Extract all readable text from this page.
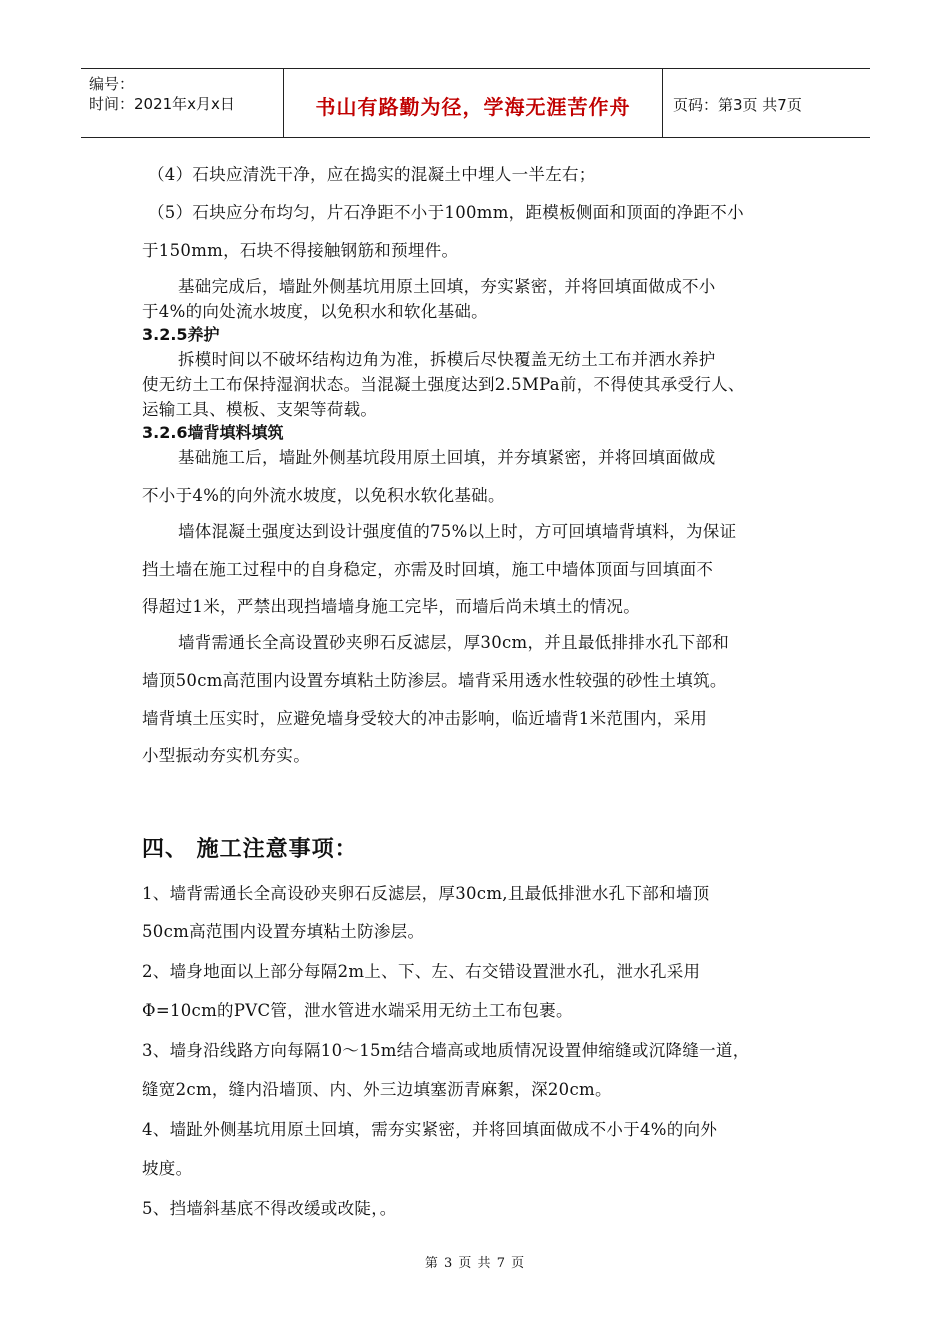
编号：
时间：2021年x月x日	书山有路勤为径，学海无涯苦作舟	页码：第3页 共7页
（4）石块应清洗干净，应在捣实的混凝土中埋人一半左右；
（5）石块应分布均匀，片石净距不小于100mm，距模板侧面和顶面的净距不小
于150mm，石块不得接触钢筋和预埋件。
基础完成后，墙趾外侧基坑用原土回填，夯实紧密，并将回填面做成不小
于4%的向处流水坡度，以免积水和软化基础。
3.2.5养护
拆模时间以不破坏结构边角为准，拆模后尽快覆盖无纺土工布并洒水养护
使无纺土工布保持湿润状态。当混凝土强度达到2.5MPa前，不得使其承受行人、
运输工具、模板、支架等荷载。
3.2.6墙背填料填筑
基础施工后，墙趾外侧基坑段用原土回填，并夯填紧密，并将回填面做成
不小于4%的向外流水坡度，以免积水软化基础。
墙体混凝土强度达到设计强度值的75%以上时，方可回填墙背填料，为保证
挡土墙在施工过程中的自身稳定，亦需及时回填，施工中墙体顶面与回填面不
得超过1米，严禁出现挡墙墙身施工完毕，而墙后尚未填土的情况。
墙背需通长全高设置砂夹卵石反滤层，厚30cm，并且最低排排水孔下部和
墙顶50cm高范围内设置夯填粘土防渗层。墙背采用透水性较强的砂性土填筑。
墙背填土压实时，应避免墙身受较大的冲击影响，临近墙背1米范围内，采用
小型振动夯实机夯实。
四、 施工注意事项：
1、墙背需通长全高设砂夹卵石反滤层，厚30cm,且最低排泄水孔下部和墙顶
50cm高范围内设置夯填粘土防渗层。
2、墙身地面以上部分每隔2m上、下、左、右交错设置泄水孔，泄水孔采用
Φ=10cm的PVC管，泄水管进水端采用无纺土工布包裹。
3、墙身沿线路方向每隔10～15m结合墙高或地质情况设置伸缩缝或沉降缝一道，
缝宽2cm，缝内沿墙顶、内、外三边填塞沥青麻絮，深20cm。
4、墙趾外侧基坑用原土回填，需夯实紧密，并将回填面做成不小于4%的向外
坡度。
5、挡墙斜基底不得改缓或改陡，。
第 3 页 共 7 页
